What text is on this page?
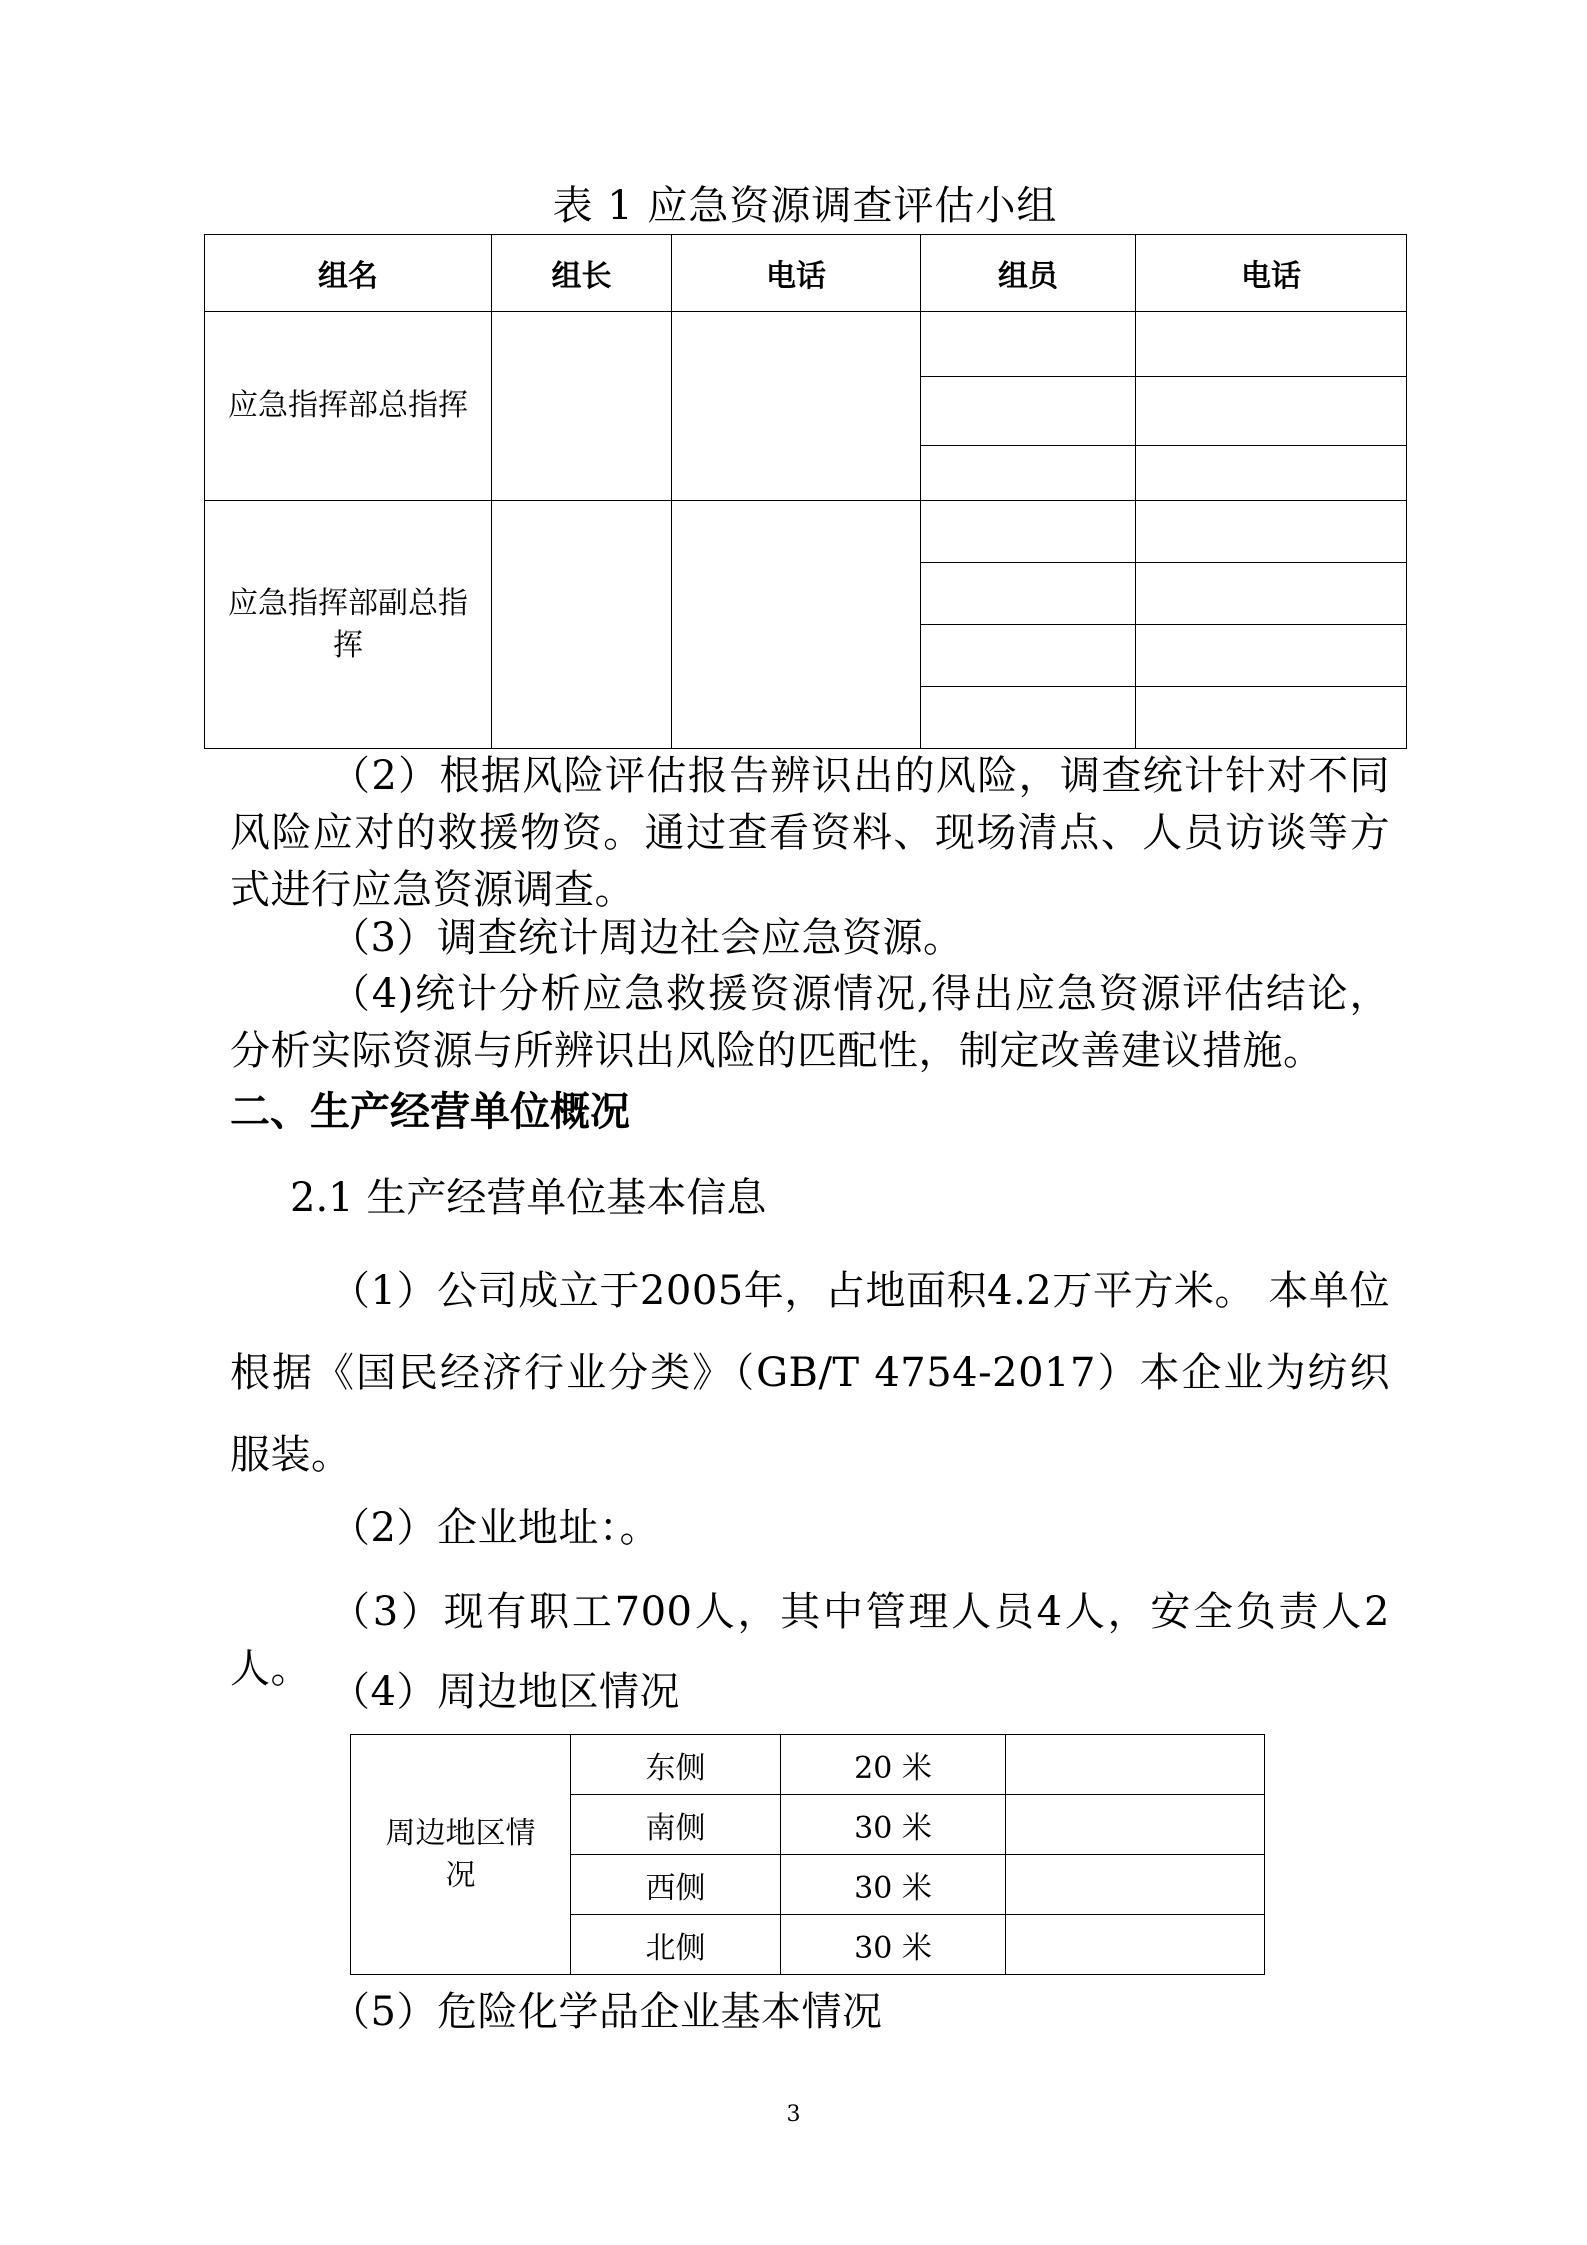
表 1 应急资源调查评估小组
组名	组长	电话	组员	电话
应急指挥部总指挥				

应急指挥部副总指挥				

（2）根据风险评估报告辨识出的风险，调查统计针对不同风险应对的救援物资。通过查看资料、现场清点、人员访谈等方式进行应急资源调查。
（3）调查统计周边社会应急资源。
（4)统计分析应急救援资源情况,得出应急资源评估结论，分析实际资源与所辨识出风险的匹配性，制定改善建议措施。
二、生产经营单位概况
2.1 生产经营单位基本信息
（1）公司成立于2005年，占地面积4.2万平方米。 本单位根据《国民经济行业分类》（GB/T 4754-2017）本企业为纺织服装。
（2）企业地址：。
（3）现有职工700人，其中管理人员4人，安全负责人2人。 （4）周边地区情况
周边地区情况	东侧	20 米	
	南侧	30 米	
	西侧	30 米	
	北侧	30 米	
（5）危险化学品企业基本情况
3
